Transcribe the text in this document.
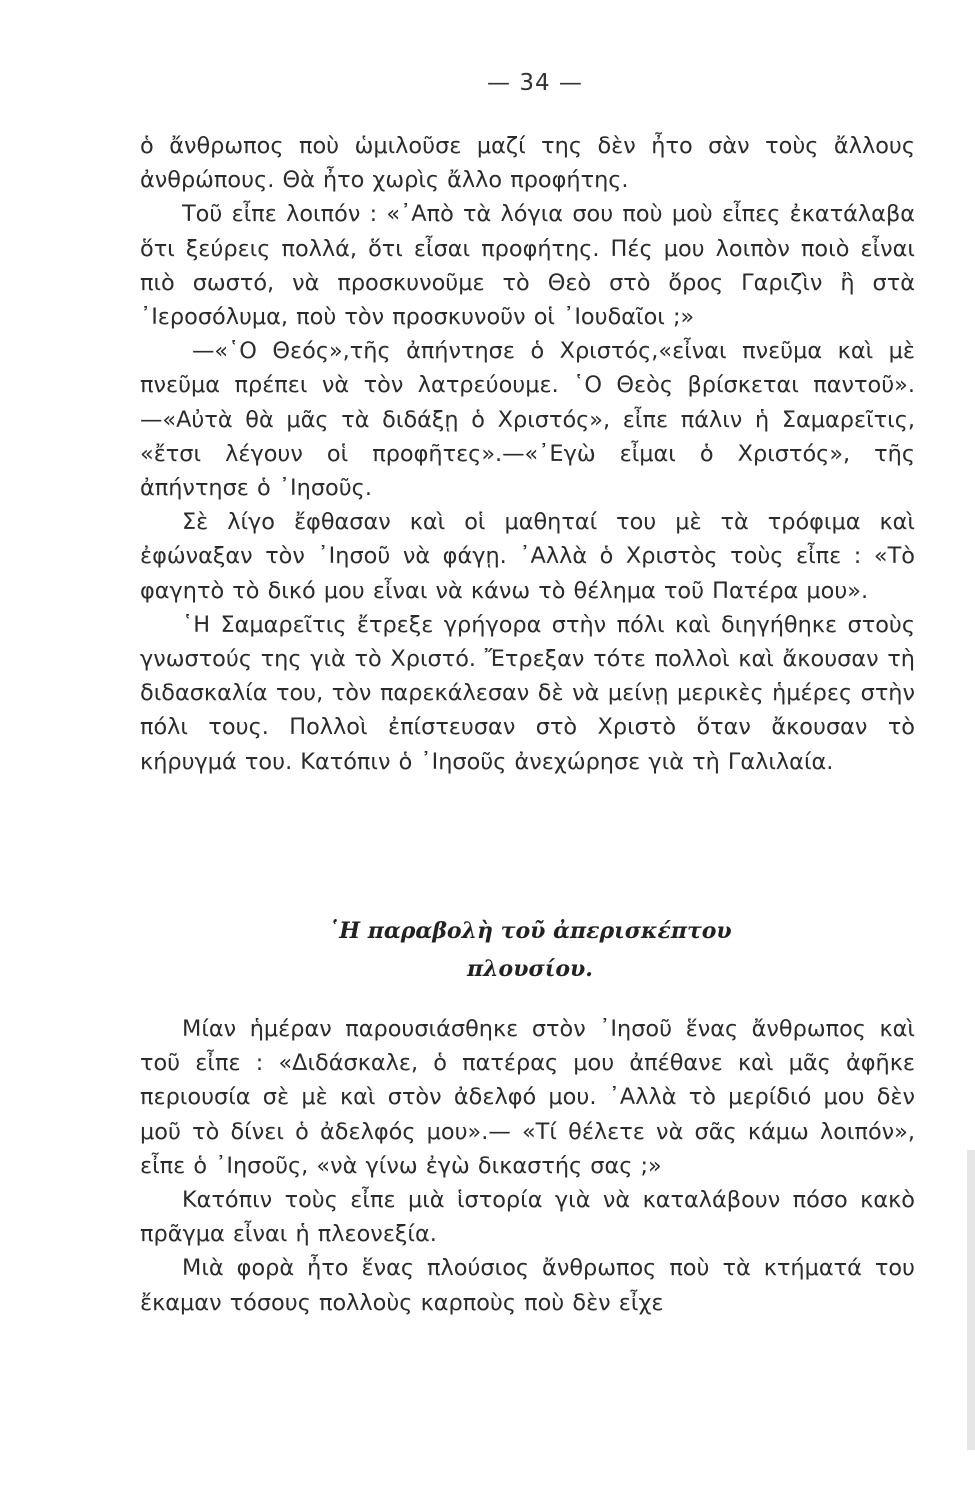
— 34 —

ὁ ἄνθρωπος ποὺ ὡμιλοῦσε μαζί της δὲν ἦτο σὰν τοὺς ἄλλους ἀνθρώπους. Θὰ ἦτο χωρὶς ἄλλο προφήτης.

Τοῦ εἶπε λοιπόν : «᾿Απὸ τὰ λόγια σου ποὺ μοὺ εἶπες ἐκατάλαβα ὅτι ξεύρεις πολλά, ὅτι εἶσαι προφήτης. Πές μου λοιπὸν ποιὸ εἶναι πιὸ σωστό, νὰ προσκυνοῦμε τὸ Θεὸ στὸ ὄρος Γαριζὶν ἢ στὰ ᾿Ιεροσόλυμα, ποὺ τὸν προσκυνοῦν οἱ ᾿Ιουδαῖοι ;»

—«῾Ο Θεός»,τῆς ἀπήντησε ὁ Χριστός,«εἶναι πνεῦμα καὶ μὲ πνεῦμα πρέπει νὰ τὸν λατρεύουμε. ῾Ο Θεὸς βρίσκεται παντοῦ».—«Αὐτὰ θὰ μᾶς τὰ διδάξῃ ὁ Χριστός», εἶπε πάλιν ἡ Σαμαρεῖτις, «ἔτσι λέγουν οἱ προφῆτες».—«᾿Εγὼ εἶμαι ὁ Χριστός», τῆς ἀπήντησε ὁ ᾿Ιησοῦς.

Σὲ λίγο ἔφθασαν καὶ οἱ μαθηταί του μὲ τὰ τρόφιμα καὶ ἐφώναξαν τὸν ᾿Ιησοῦ νὰ φάγῃ. ᾿Αλλὰ ὁ Χριστὸς τοὺς εἶπε : «Τὸ φαγητὸ τὸ δικό μου εἶναι νὰ κάνω τὸ θέλημα τοῦ Πατέρα μου».

῾Η Σαμαρεῖτις ἔτρεξε γρήγορα στὴν πόλι καὶ διηγήθηκε στοὺς γνωστούς της γιὰ τὸ Χριστό. Ἔτρεξαν τότε πολλοὶ καὶ ἄκουσαν τὴ διδασκαλία του, τὸν παρεκάλεσαν δὲ νὰ μείνῃ μερικὲς ἡμέρες στὴν πόλι τους. Πολλοὶ ἐπίστευσαν στὸ Χριστὸ ὅταν ἄκουσαν τὸ κήρυγμά του. Κατόπιν ὁ ᾿Ιησοῦς ἀνεχώρησε γιὰ τὴ Γαλιλαία.

῾Η παραβολὴ τοῦ ἀπερισκέπτου
πλουσίου.

Μίαν ἡμέραν παρουσιάσθηκε στὸν ᾿Ιησοῦ ἕνας ἄνθρωπος καὶ τοῦ εἶπε : «Διδάσκαλε, ὁ πατέρας μου ἀπέθανε καὶ μᾶς ἀφῆκε περιουσία σὲ μὲ καὶ στὸν ἀδελφό μου. ᾿Αλλὰ τὸ μερίδιό μου δὲν μοῦ τὸ δίνει ὁ ἀδελφός μου».— «Τί θέλετε νὰ σᾶς κάμω λοιπόν», εἶπε ὁ ᾿Ιησοῦς, «νὰ γίνω ἐγὼ δικαστής σας ;»

Κατόπιν τοὺς εἶπε μιὰ ἱστορία γιὰ νὰ καταλάβουν πόσο κακὸ πρᾶγμα εἶναι ἡ πλεονεξία.

Μιὰ φορὰ ἦτο ἕνας πλούσιος ἄνθρωπος ποὺ τὰ κτήματά του ἔκαμαν τόσους πολλοὺς καρποὺς ποὺ δὲν εἶχε
